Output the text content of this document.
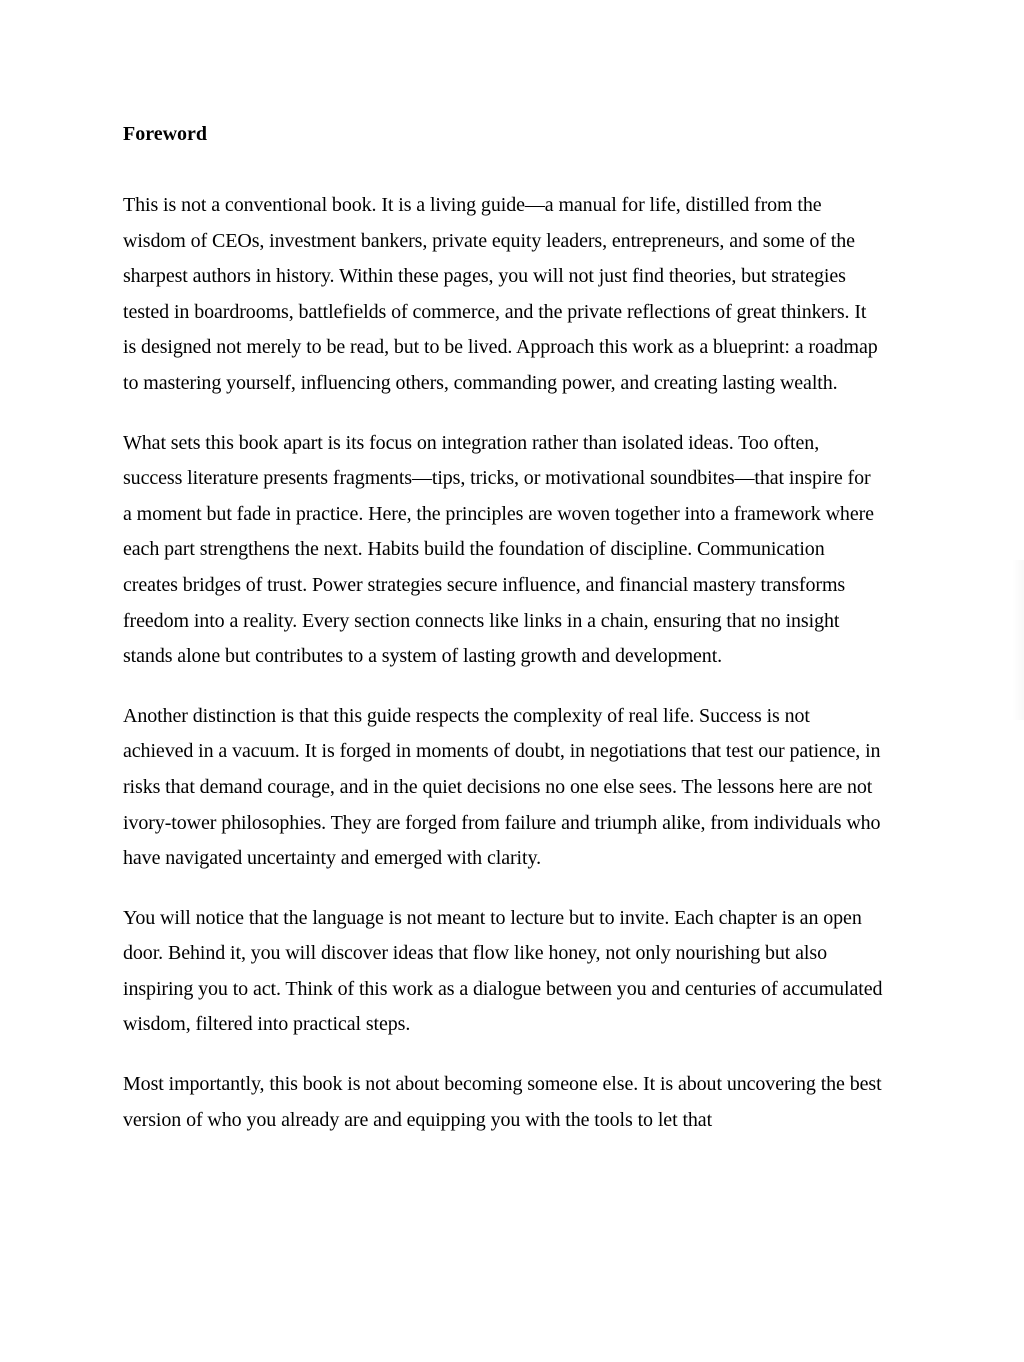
Foreword

This is not a conventional book. It is a living guide—a manual for life, distilled from the wisdom of CEOs, investment bankers, private equity leaders, entrepreneurs, and some of the sharpest authors in history. Within these pages, you will not just find theories, but strategies tested in boardrooms, battlefields of commerce, and the private reflections of great thinkers. It is designed not merely to be read, but to be lived. Approach this work as a blueprint: a roadmap to mastering yourself, influencing others, commanding power, and creating lasting wealth.

What sets this book apart is its focus on integration rather than isolated ideas. Too often, success literature presents fragments—tips, tricks, or motivational soundbites—that inspire for a moment but fade in practice. Here, the principles are woven together into a framework where each part strengthens the next. Habits build the foundation of discipline. Communication creates bridges of trust. Power strategies secure influence, and financial mastery transforms freedom into a reality. Every section connects like links in a chain, ensuring that no insight stands alone but contributes to a system of lasting growth and development.

Another distinction is that this guide respects the complexity of real life. Success is not achieved in a vacuum. It is forged in moments of doubt, in negotiations that test our patience, in risks that demand courage, and in the quiet decisions no one else sees. The lessons here are not ivory-tower philosophies. They are forged from failure and triumph alike, from individuals who have navigated uncertainty and emerged with clarity.

You will notice that the language is not meant to lecture but to invite. Each chapter is an open door. Behind it, you will discover ideas that flow like honey, not only nourishing but also inspiring you to act. Think of this work as a dialogue between you and centuries of accumulated wisdom, filtered into practical steps.

Most importantly, this book is not about becoming someone else. It is about uncovering the best version of who you already are and equipping you with the tools to let that
